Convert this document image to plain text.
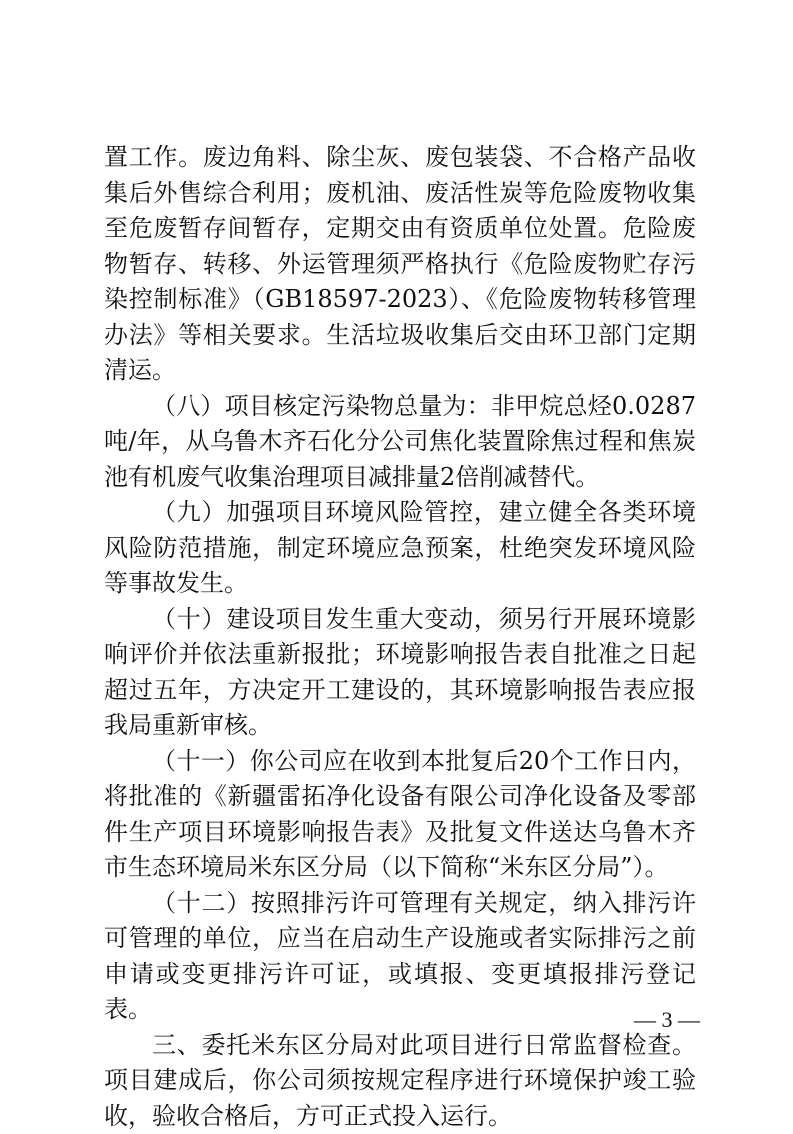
置工作。废边角料、除尘灰、废包装袋、不合格产品收集后外售综合利用；废机油、废活性炭等危险废物收集至危废暂存间暂存，定期交由有资质单位处置。危险废物暂存、转移、外运管理须严格执行《危险废物贮存污染控制标准》（GB18597-2023）、《危险废物转移管理办法》等相关要求。生活垃圾收集后交由环卫部门定期清运。

（八）项目核定污染物总量为：非甲烷总烃0.0287吨/年，从乌鲁木齐石化分公司焦化装置除焦过程和焦炭池有机废气收集治理项目减排量2倍削减替代。

（九）加强项目环境风险管控，建立健全各类环境风险防范措施，制定环境应急预案，杜绝突发环境风险等事故发生。

（十）建设项目发生重大变动，须另行开展环境影响评价并依法重新报批；环境影响报告表自批准之日起超过五年，方决定开工建设的，其环境影响报告表应报我局重新审核。

（十一）你公司应在收到本批复后20个工作日内，将批准的《新疆雷拓净化设备有限公司净化设备及零部件生产项目环境影响报告表》及批复文件送达乌鲁木齐市生态环境局米东区分局（以下简称“米东区分局”）。

（十二）按照排污许可管理有关规定，纳入排污许可管理的单位，应当在启动生产设施或者实际排污之前申请或变更排污许可证，或填报、变更填报排污登记表。

三、委托米东区分局对此项目进行日常监督检查。项目建成后，你公司须按规定程序进行环境保护竣工验收，验收合格后，方可正式投入运行。

— 3 —
